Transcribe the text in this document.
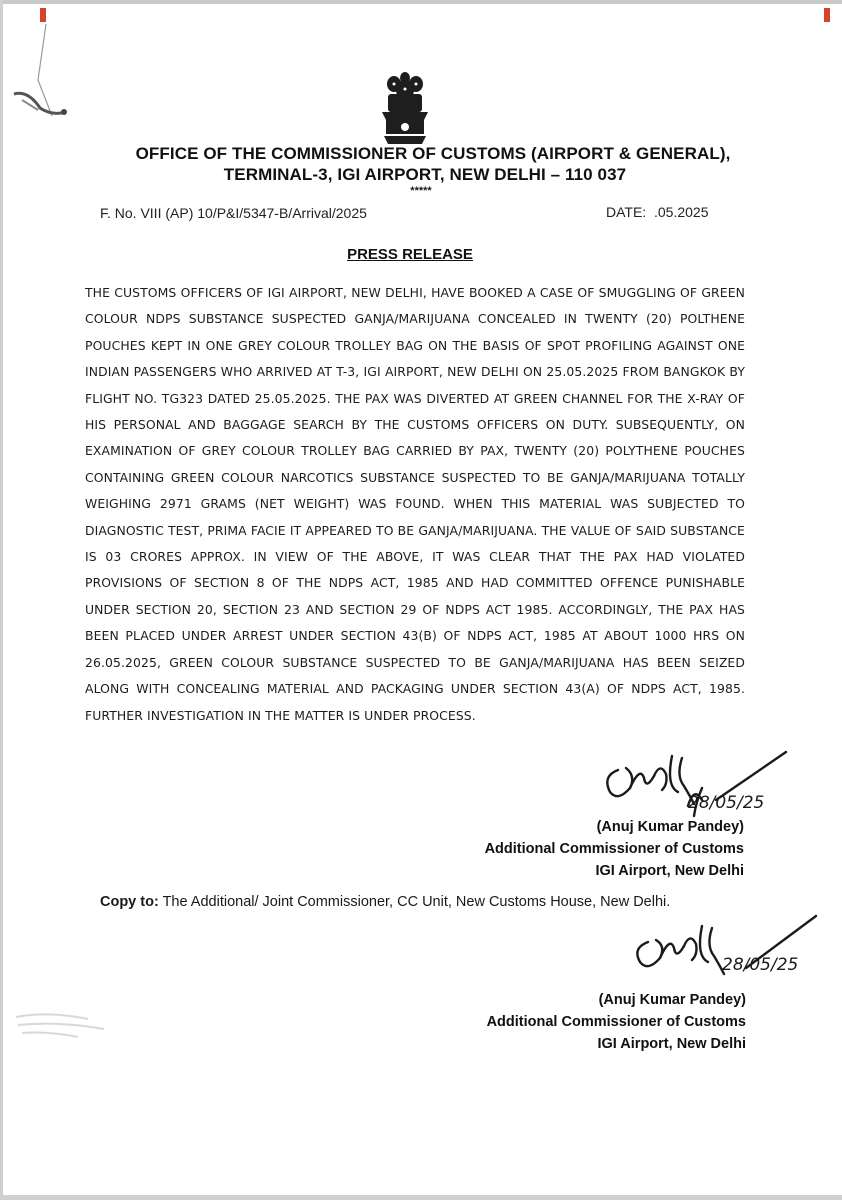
OFFICE OF THE COMMISSIONER OF CUSTOMS (AIRPORT & GENERAL),
TERMINAL-3, IGI AIRPORT, NEW DELHI – 110 037
*****
F. No. VIII (AP) 10/P&I/5347-B/Arrival/2025	DATE: .05.2025
PRESS RELEASE
THE CUSTOMS OFFICERS OF IGI AIRPORT, NEW DELHI, HAVE BOOKED A CASE OF SMUGGLING OF GREEN COLOUR NDPS SUBSTANCE SUSPECTED GANJA/MARIJUANA CONCEALED IN TWENTY (20) POLTHENE POUCHES KEPT IN ONE GREY COLOUR TROLLEY BAG ON THE BASIS OF SPOT PROFILING AGAINST ONE INDIAN PASSENGERS WHO ARRIVED AT T-3, IGI AIRPORT, NEW DELHI ON 25.05.2025 FROM BANGKOK BY FLIGHT NO. TG323 DATED 25.05.2025. THE PAX WAS DIVERTED AT GREEN CHANNEL FOR THE X-RAY OF HIS PERSONAL AND BAGGAGE SEARCH BY THE CUSTOMS OFFICERS ON DUTY. SUBSEQUENTLY, ON EXAMINATION OF GREY COLOUR TROLLEY BAG CARRIED BY PAX, TWENTY (20) POLYTHENE POUCHES CONTAINING GREEN COLOUR NARCOTICS SUBSTANCE SUSPECTED TO BE GANJA/MARIJUANA TOTALLY WEIGHING 2971 GRAMS (NET WEIGHT) WAS FOUND. WHEN THIS MATERIAL WAS SUBJECTED TO DIAGNOSTIC TEST, PRIMA FACIE IT APPEARED TO BE GANJA/MARIJUANA. THE VALUE OF SAID SUBSTANCE IS 03 CRORES APPROX. IN VIEW OF THE ABOVE, IT WAS CLEAR THAT THE PAX HAD VIOLATED PROVISIONS OF SECTION 8 OF THE NDPS ACT, 1985 AND HAD COMMITTED OFFENCE PUNISHABLE UNDER SECTION 20, SECTION 23 AND SECTION 29 OF NDPS ACT 1985. ACCORDINGLY, THE PAX HAS BEEN PLACED UNDER ARREST UNDER SECTION 43(B) OF NDPS ACT, 1985 AT ABOUT 1000 HRS ON 26.05.2025, GREEN COLOUR SUBSTANCE SUSPECTED TO BE GANJA/MARIJUANA HAS BEEN SEIZED ALONG WITH CONCEALING MATERIAL AND PACKAGING UNDER SECTION 43(A) OF NDPS ACT, 1985. FURTHER INVESTIGATION IN THE MATTER IS UNDER PROCESS.
28/05/25
(Anuj Kumar Pandey)
Additional Commissioner of Customs
IGI Airport, New Delhi
Copy to: The Additional/ Joint Commissioner, CC Unit, New Customs House, New Delhi.
28/05/25
(Anuj Kumar Pandey)
Additional Commissioner of Customs
IGI Airport, New Delhi
